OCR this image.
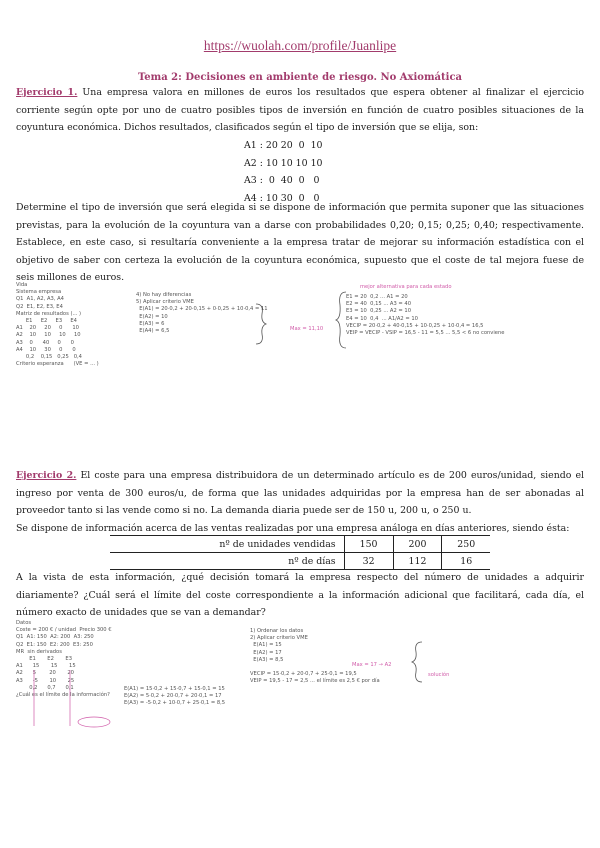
https://wuolah.com/profile/Juanlipe
Tema 2: Decisiones en ambiente de riesgo. No Axiomática
Ejercicio 1. Una empresa valora en millones de euros los resultados que espera obtener al finalizar el ejercicio corriente según opte por uno de cuatro posibles tipos de inversión en función de cuatro posibles situaciones de la coyuntura económica. Dichos resultados, clasificados según el tipo de inversión que se elija, son:
A1 : 20 20  0  10
A2 : 10 10 10 10
A3 :  0  40  0   0
A4 : 10 30  0   0
Determine el tipo de inversión que será elegida si se dispone de información que permita suponer que las situaciones previstas, para la evolución de la coyuntura van a darse con probabilidades 0,20; 0,15; 0,25; 0,40; respectivamente. Establece, en este caso, si resultaría conveniente a la empresa tratar de mejorar su información estadística con el objetivo de saber con certeza la evolución de la coyuntura económica, supuesto que el coste de tal mejora fuese de seis millones de euros.
Vida
Sistema empresa
Q1  A1, A2, A3, A4
Q2  E1, E2, E3, E4
Matriz de resultados (... )
E1     E2     E3     E4
A1    20     20     0      10
A2    10     10     10     10
A3    0      40     0      0
A4    10     30     0      0
0,2    0,15   0,25   0,4
Criterio esperanza      (VE = ... )
4) No hay diferencias
5) Aplicar criterio VME
E(A1) = 20·0,2 + 20·0,15 + 0·0,25 + 10·0,4 = 11
E(A2) = 10
E(A3) = 6
E(A4) = 6,5	Max = 11,10
E1 = 20  0,2 ... A1 = 20
E2 = 40  0,15 ... A3 = 40
E3 = 10  0,25 ... A2 = 10
E4 = 10  0,4  ... A1/A2 = 10
VECIP = 20·0,2 + 40·0,15 + 10·0,25 + 10·0,4 = 16,5
VEIP = VECIP - VSIP = 16,5 - 11 = 5,5 ... 5,5 < 6 no conviene
mejor alternativa para cada estado
Ejercicio 2. El coste para una empresa distribuidora de un determinado artículo es de 200 euros/unidad, siendo el ingreso por venta de 300 euros/u, de forma que las unidades adquiridas por la empresa han de ser abonadas al proveedor tanto si las vende como si no. La demanda diaria puede ser de 150 u, 200 u, o 250 u.
Se dispone de información acerca de las ventas realizadas por una empresa análoga en días anteriores, siendo ésta:
nº de unidades vendidas	150	200	250
nº de días	32	112	16
A la vista de esta información, ¿qué decisión tomará la empresa respecto del número de unidades a adquirir diariamente? ¿Cuál será el límite del coste correspondiente a la información adicional que facilitará, cada día, el número exacto de unidades que se van a demandar?
Datos
Coste = 200 € / unidad  Precio 300 €
Q1  A1: 150  A2: 200  A3: 250
Q2  E1: 150  E2: 200  E3: 250
MR  sin derivados
E1       E2       E3
A1      15       15       15
A2      5        20       20
A3      -5       10       25
0,2      0,7      0,1
¿Cuál es el límite de la información?
E(A1) = 15·0,2 + 15·0,7 + 15·0,1 = 15
E(A2) = 5·0,2 + 20·0,7 + 20·0,1 = 17
E(A3) = -5·0,2 + 10·0,7 + 25·0,1 = 8,5
1) Ordenar los datos
2) Aplicar criterio VME
E(A1) = 15
E(A2) = 17
E(A3) = 8,5

VECIP = 15·0,2 + 20·0,7 + 25·0,1 = 19,5
VEIP = 19,5 - 17 = 2,5 ... el límite es 2,5 € por día
Max = 17 → A2
solución
